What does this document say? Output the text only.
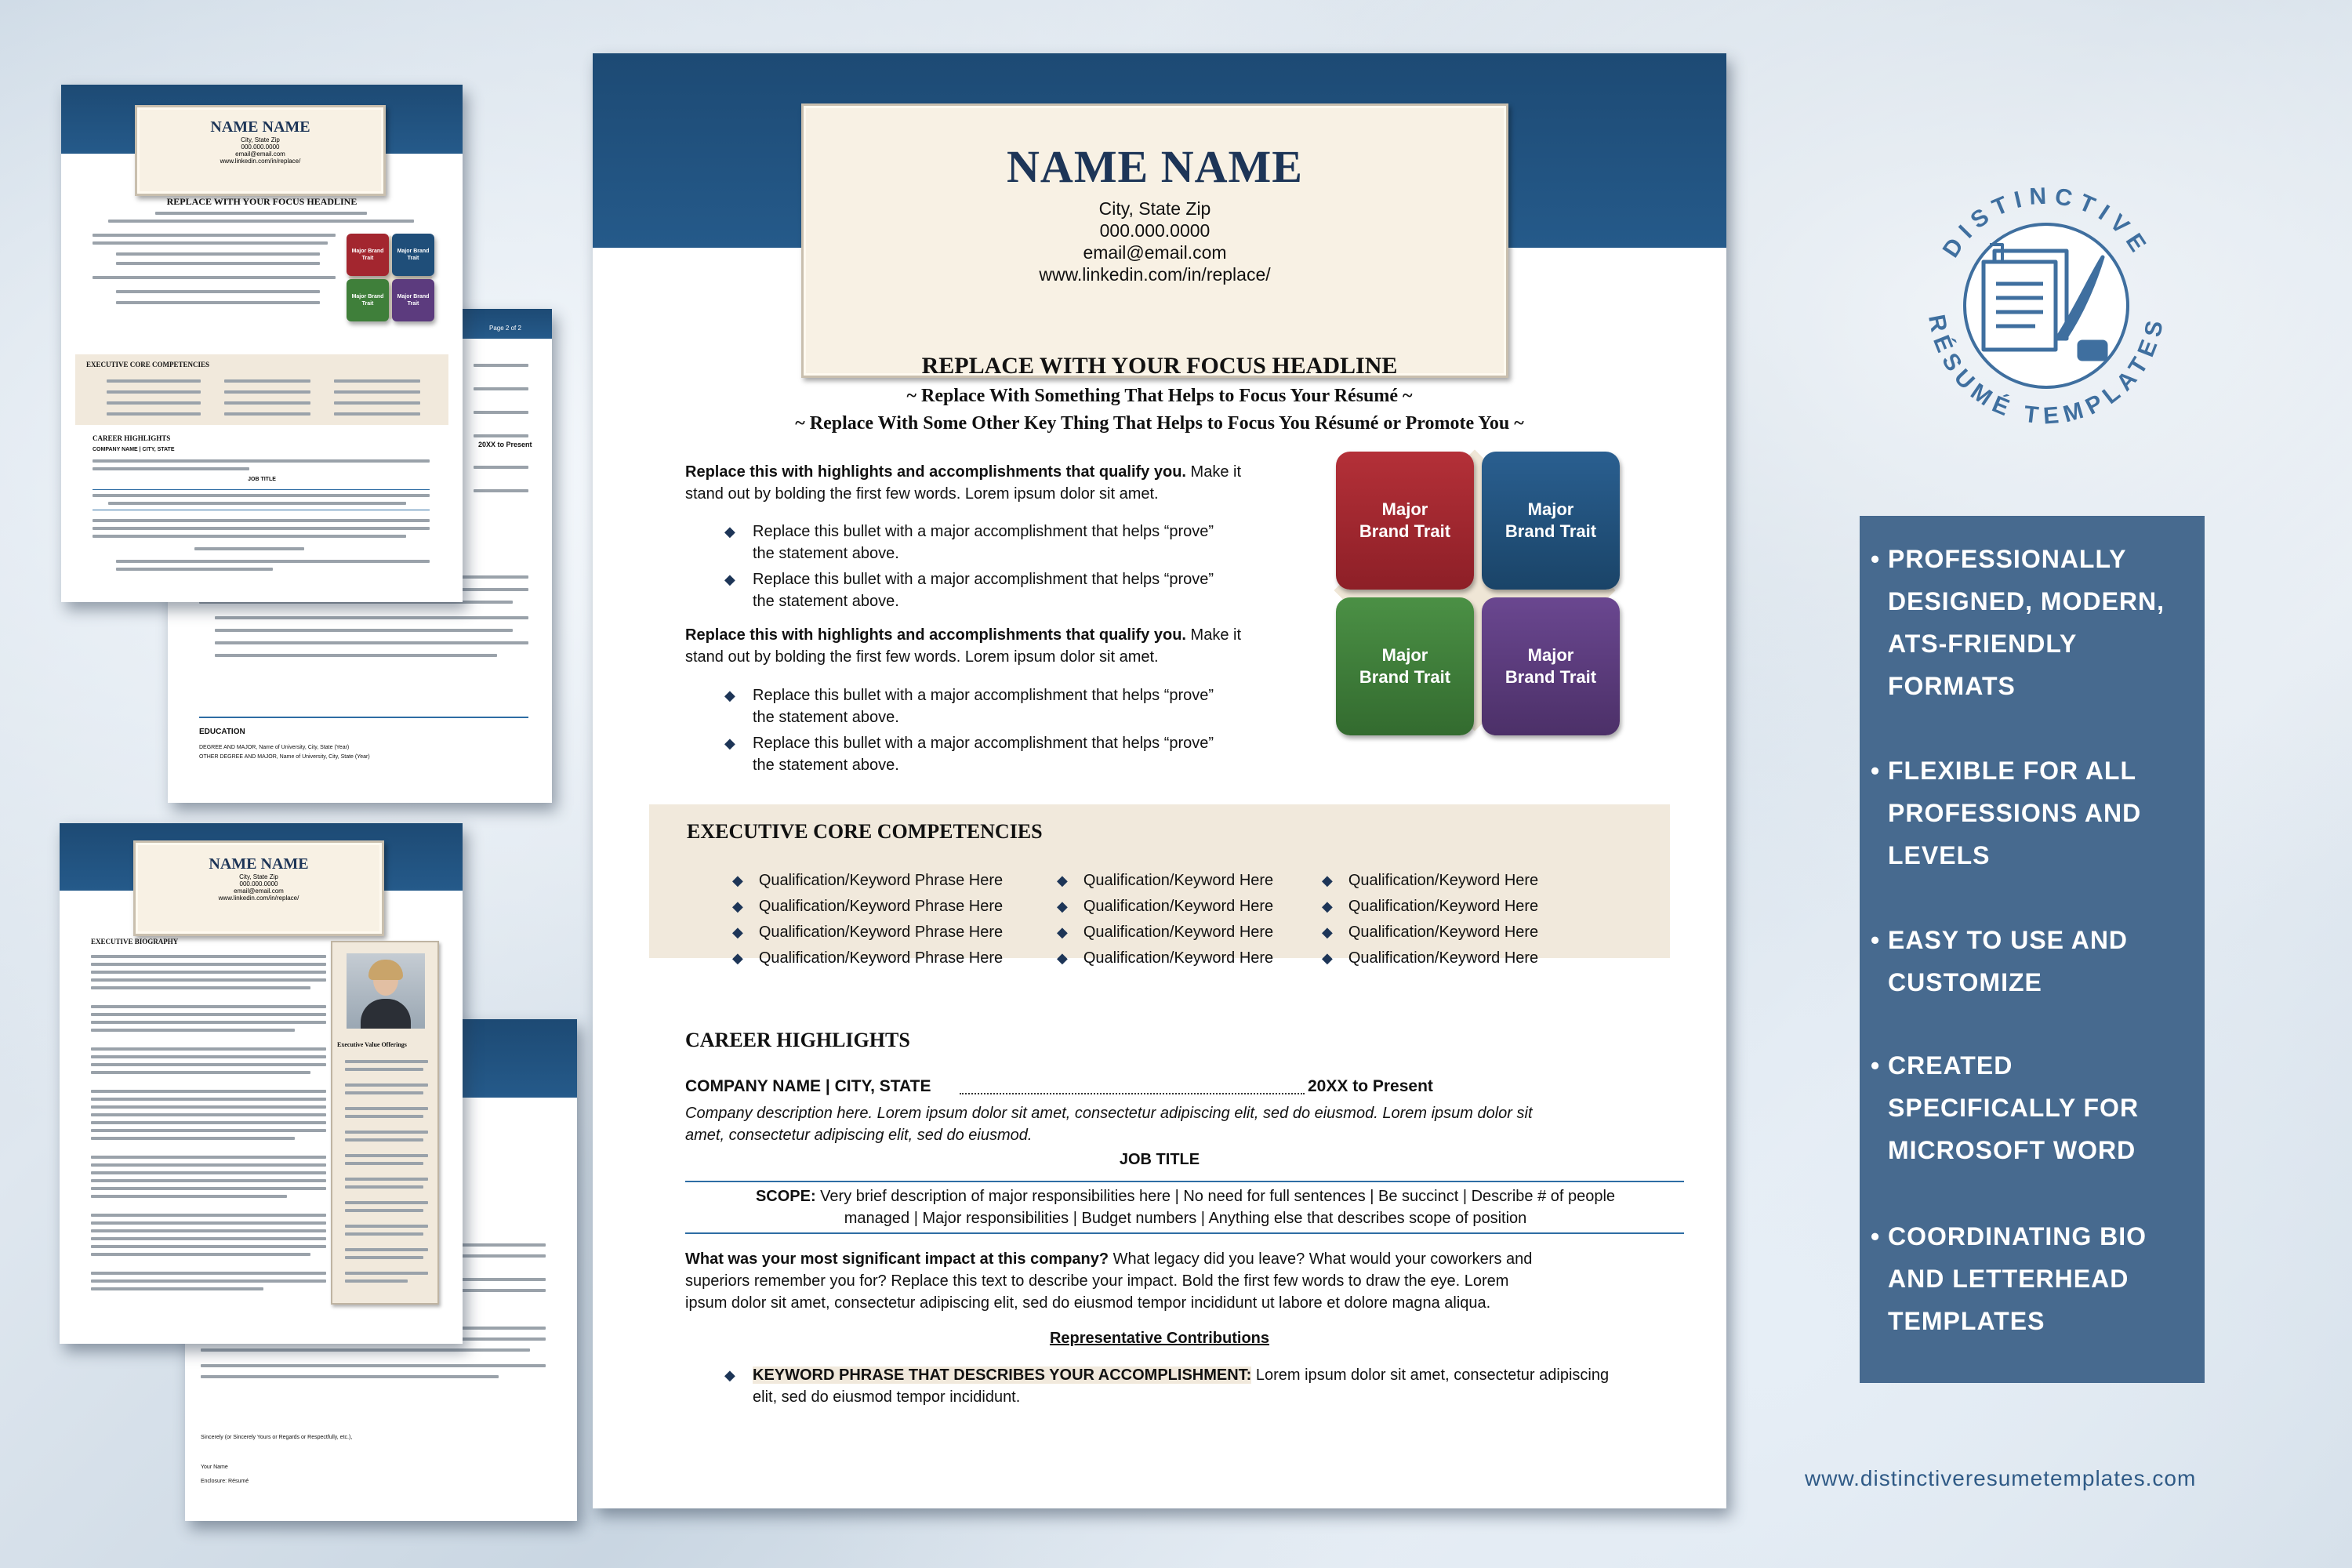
Page 2 of 2
20XX to Present
EDUCATION
DEGREE AND MAJOR, Name of University, City, State (Year)
OTHER DEGREE AND MAJOR, Name of University, City, State (Year)
NAME NAME
City, State Zip
000.000.0000
email@email.com
www.linkedin.com/in/replace/
REPLACE WITH YOUR FOCUS HEADLINE
Major Brand Trait
Major Brand Trait
Major Brand Trait
Major Brand Trait
EXECUTIVE CORE COMPETENCIES
CAREER HIGHLIGHTS
COMPANY NAME | CITY, STATE
JOB TITLE
Sincerely (or Sincerely Yours or Regards or Respectfully, etc.),
Your Name
Enclosure: Résumé
NAME NAME
City, State Zip
000.000.0000
email@email.com
www.linkedin.com/in/replace/
EXECUTIVE BIOGRAPHY
Executive Value Offerings
NAME NAME
City, State Zip
000.000.0000
email@email.com
www.linkedin.com/in/replace/
REPLACE WITH YOUR FOCUS HEADLINE
~ Replace With Something That Helps to Focus Your Résumé ~
~ Replace With Some Other Key Thing That Helps to Focus You Résumé or Promote You ~
Replace this with highlights and accomplishments that qualify you. Make it
stand out by bolding the first few words. Lorem ipsum dolor sit amet.
◆ Replace this bullet with a major accomplishment that helps “prove”
the statement above.
◆ Replace this bullet with a major accomplishment that helps “prove”
the statement above.
Replace this with highlights and accomplishments that qualify you. Make it
stand out by bolding the first few words. Lorem ipsum dolor sit amet.
◆ Replace this bullet with a major accomplishment that helps “prove”
the statement above.
◆ Replace this bullet with a major accomplishment that helps “prove”
the statement above.
Major Brand Trait
Major Brand Trait
Major Brand Trait
Major Brand Trait
EXECUTIVE CORE COMPETENCIES
◆ Qualification/Keyword Phrase Here	◆ Qualification/Keyword Here	◆ Qualification/Keyword Here
◆ Qualification/Keyword Phrase Here	◆ Qualification/Keyword Here	◆ Qualification/Keyword Here
◆ Qualification/Keyword Phrase Here	◆ Qualification/Keyword Here	◆ Qualification/Keyword Here
◆ Qualification/Keyword Phrase Here	◆ Qualification/Keyword Here	◆ Qualification/Keyword Here
CAREER HIGHLIGHTS
COMPANY NAME | CITY, STATE	20XX to Present
Company description here. Lorem ipsum dolor sit amet, consectetur adipiscing elit, sed do eiusmod. Lorem ipsum dolor sit
amet, consectetur adipiscing elit, sed do eiusmod.
JOB TITLE
SCOPE: Very brief description of major responsibilities here | No need for full sentences | Be succinct | Describe # of people
managed | Major responsibilities | Budget numbers | Anything else that describes scope of position
What was your most significant impact at this company? What legacy did you leave? What would your coworkers and
superiors remember you for? Replace this text to describe your impact. Bold the first few words to draw the eye. Lorem
ipsum dolor sit amet, consectetur adipiscing elit, sed do eiusmod tempor incididunt ut labore et dolore magna aliqua.
Representative Contributions
◆ KEYWORD PHRASE THAT DESCRIBES YOUR ACCOMPLISHMENT: Lorem ipsum dolor sit amet, consectetur adipiscing
elit, sed do eiusmod tempor incididunt.
DISTINCTIVE
RÉSUMÉ TEMPLATES
• PROFESSIONALLY
DESIGNED, MODERN,
ATS-FRIENDLY
FORMATS
• FLEXIBLE FOR ALL
PROFESSIONS AND
LEVELS
• EASY TO USE AND
CUSTOMIZE
• CREATED
SPECIFICALLY FOR
MICROSOFT WORD
• COORDINATING BIO
AND LETTERHEAD
TEMPLATES
www.distinctiveresumetemplates.com
